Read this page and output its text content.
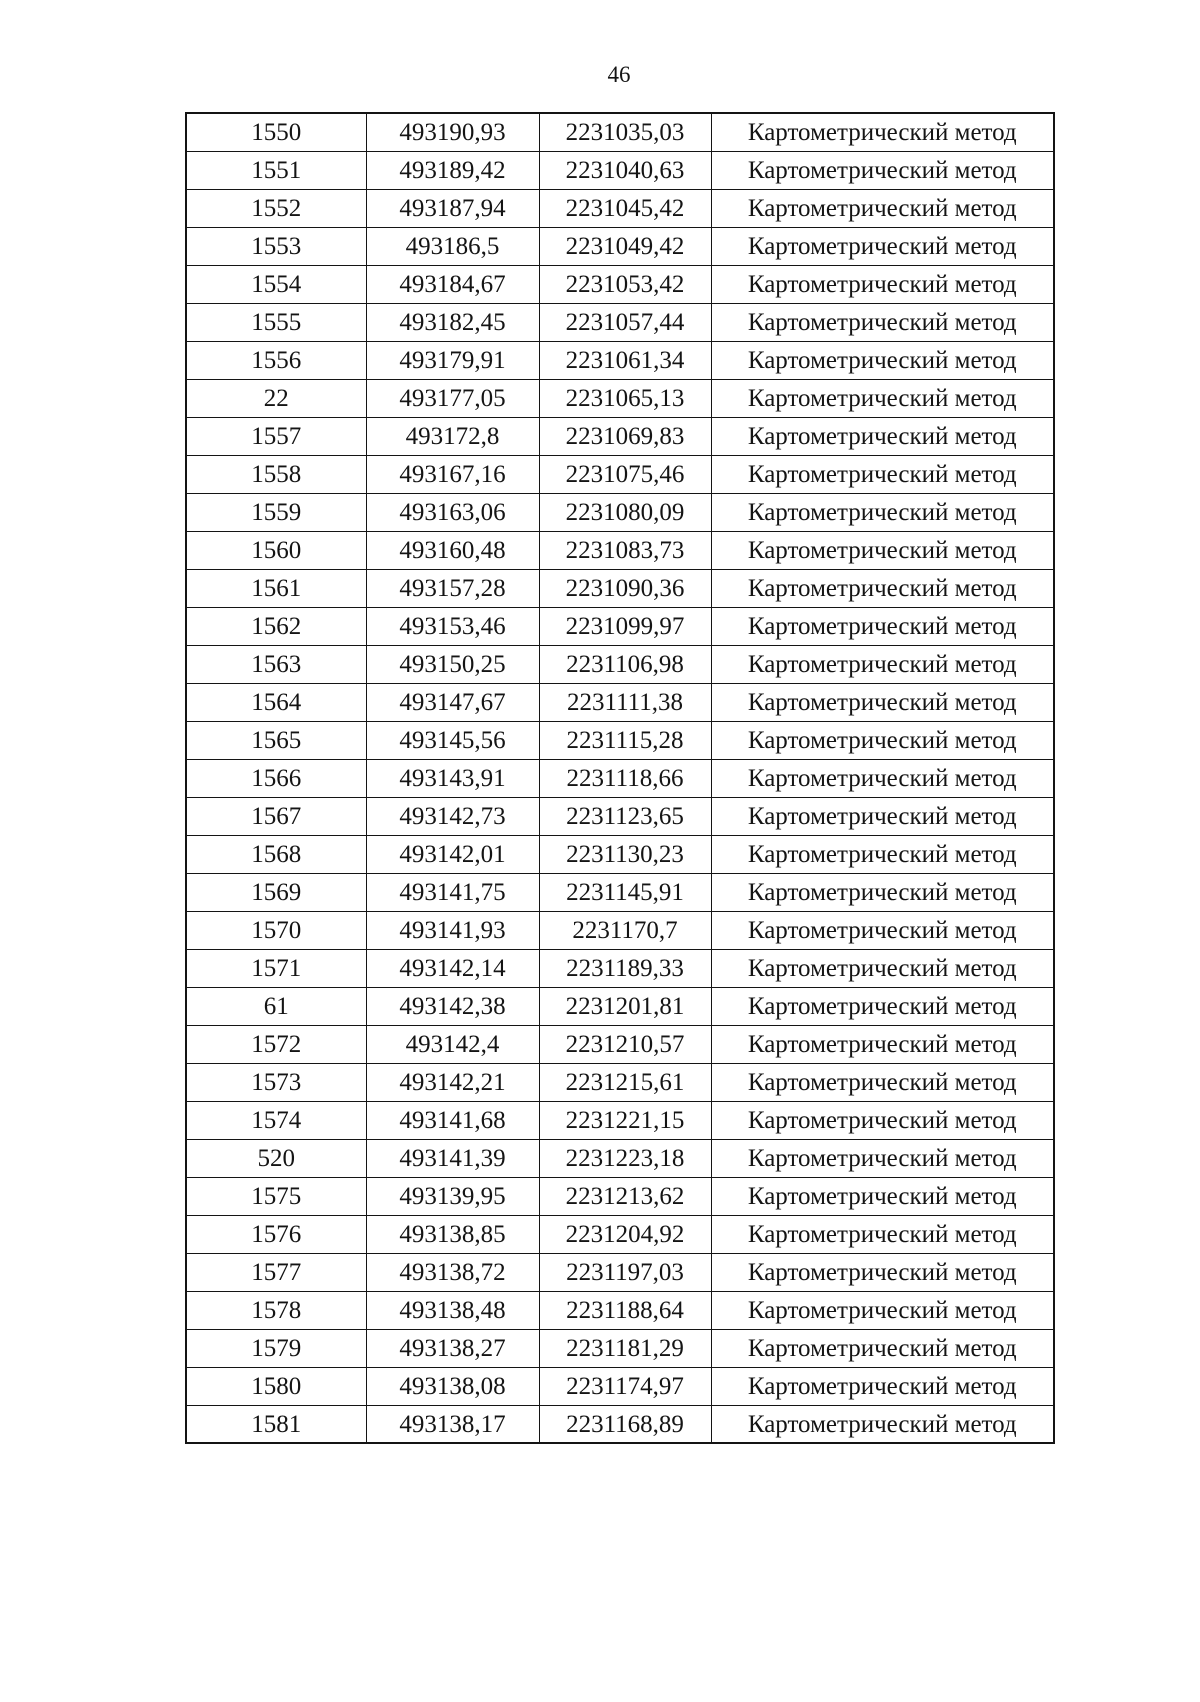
46
1550	493190,93	2231035,03	Картометрический метод
1551	493189,42	2231040,63	Картометрический метод
1552	493187,94	2231045,42	Картометрический метод
1553	493186,5	2231049,42	Картометрический метод
1554	493184,67	2231053,42	Картометрический метод
1555	493182,45	2231057,44	Картометрический метод
1556	493179,91	2231061,34	Картометрический метод
22	493177,05	2231065,13	Картометрический метод
1557	493172,8	2231069,83	Картометрический метод
1558	493167,16	2231075,46	Картометрический метод
1559	493163,06	2231080,09	Картометрический метод
1560	493160,48	2231083,73	Картометрический метод
1561	493157,28	2231090,36	Картометрический метод
1562	493153,46	2231099,97	Картометрический метод
1563	493150,25	2231106,98	Картометрический метод
1564	493147,67	2231111,38	Картометрический метод
1565	493145,56	2231115,28	Картометрический метод
1566	493143,91	2231118,66	Картометрический метод
1567	493142,73	2231123,65	Картометрический метод
1568	493142,01	2231130,23	Картометрический метод
1569	493141,75	2231145,91	Картометрический метод
1570	493141,93	2231170,7	Картометрический метод
1571	493142,14	2231189,33	Картометрический метод
61	493142,38	2231201,81	Картометрический метод
1572	493142,4	2231210,57	Картометрический метод
1573	493142,21	2231215,61	Картометрический метод
1574	493141,68	2231221,15	Картометрический метод
520	493141,39	2231223,18	Картометрический метод
1575	493139,95	2231213,62	Картометрический метод
1576	493138,85	2231204,92	Картометрический метод
1577	493138,72	2231197,03	Картометрический метод
1578	493138,48	2231188,64	Картометрический метод
1579	493138,27	2231181,29	Картометрический метод
1580	493138,08	2231174,97	Картометрический метод
1581	493138,17	2231168,89	Картометрический метод
